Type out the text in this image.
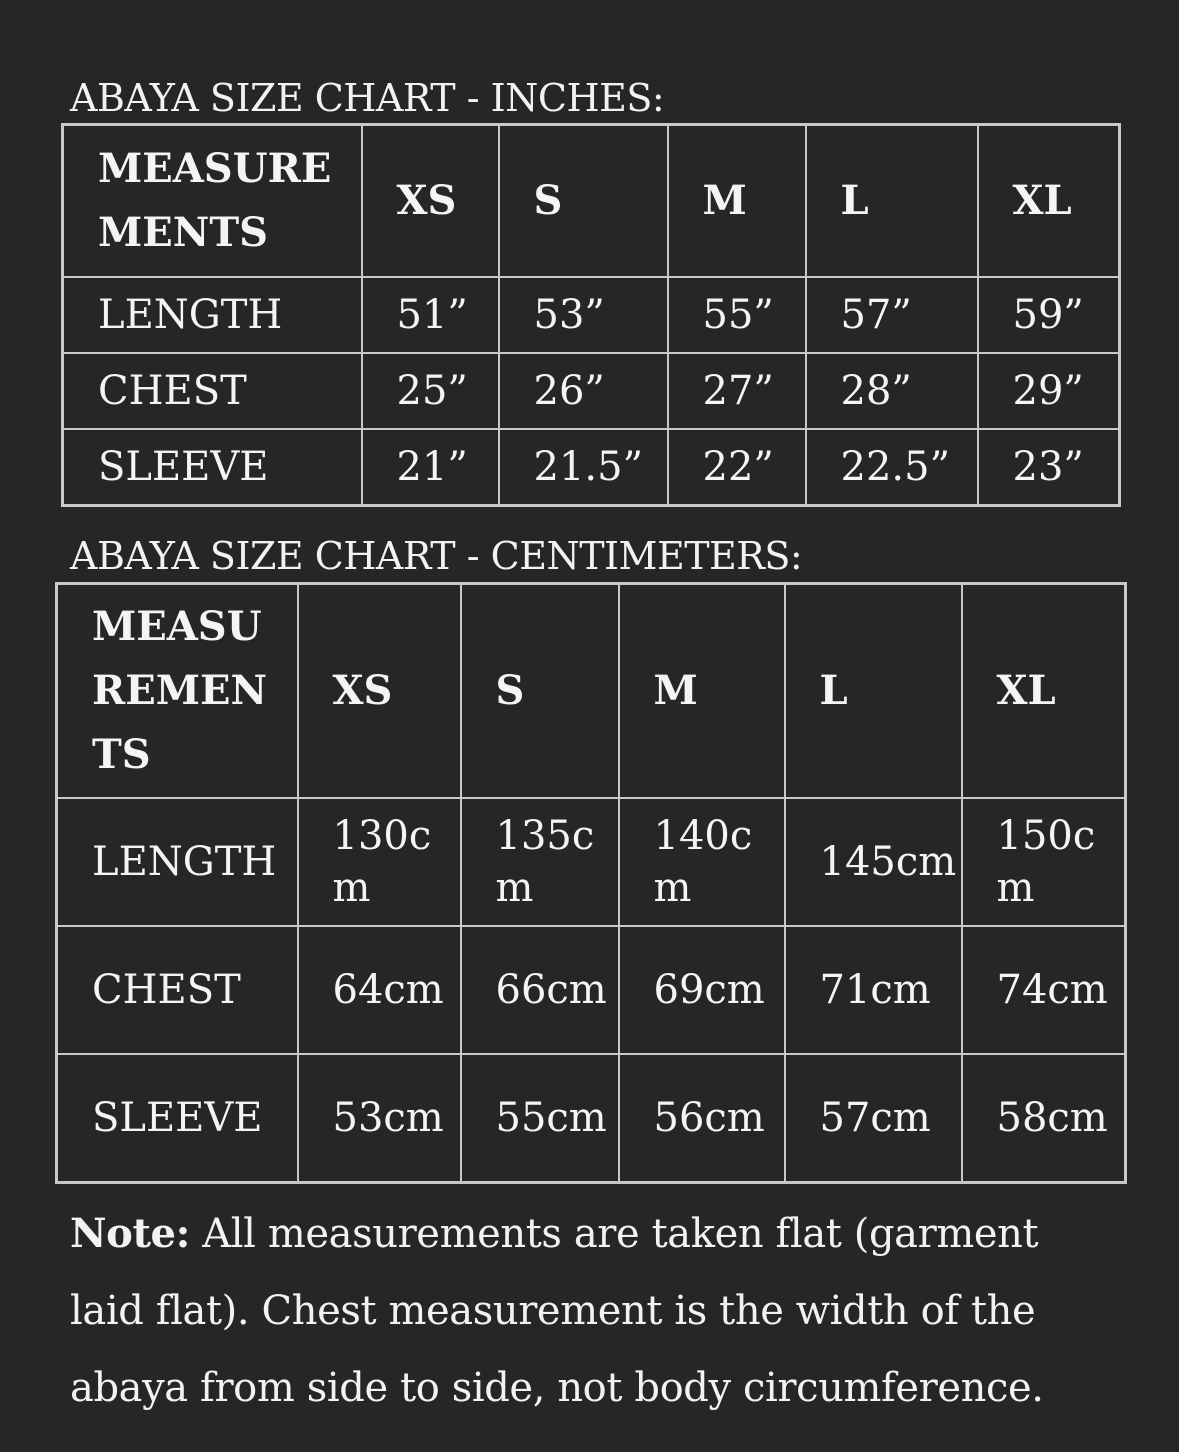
ABAYA SIZE CHART - INCHES:
MEASURE MENTS	XS	S	M	L	XL
LENGTH	51”	53”	55”	57”	59”
CHEST	25”	26”	27”	28”	29”
SLEEVE	21”	21.5”	22”	22.5”	23”
ABAYA SIZE CHART - CENTIMETERS:
MEASUREMENTS	XS	S	M	L	XL
LENGTH	130cm	135cm	140cm	145cm	150cm
CHEST	64cm	66cm	69cm	71cm	74cm
SLEEVE	53cm	55cm	56cm	57cm	58cm
Note: All measurements are taken flat (garment laid flat). Chest measurement is the width of the abaya from side to side, not body circumference.
